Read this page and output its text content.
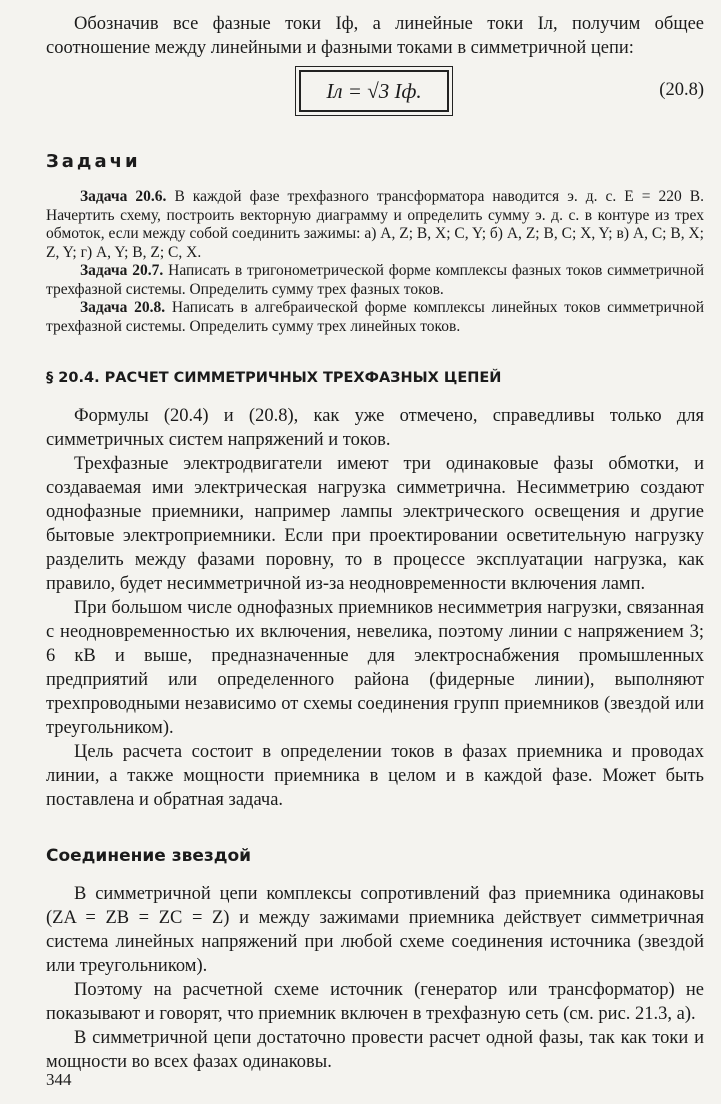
Обозначив все фазные токи Iф, а линейные токи Iл, получим общее соотношение между линейными и фазными токами в симметричной цепи:

Iл = √3 Iф.	(20.8)
Задачи

Задача 20.6. В каждой фазе трехфазного трансформатора наводится э. д. с. E = 220 В. Начертить схему, построить векторную диаграмму и определить сумму э. д. с. в контуре из трех обмоток, если между собой соединить зажимы: а) A, Z; B, X; C, Y; б) A, Z; B, C; X, Y; в) A, C; B, X; Z, Y; г) A, Y; B, Z; C, X.

Задача 20.7. Написать в тригонометрической форме комплексы фазных токов симметричной трехфазной системы. Определить сумму трех фазных токов.

Задача 20.8. Написать в алгебраической форме комплексы линейных токов симметричной трехфазной системы. Определить сумму трех линейных токов.

§ 20.4. РАСЧЕТ СИММЕТРИЧНЫХ ТРЕХФАЗНЫХ ЦЕПЕЙ

Формулы (20.4) и (20.8), как уже отмечено, справедливы только для симметричных систем напряжений и токов.

Трехфазные электродвигатели имеют три одинаковые фазы обмотки, и создаваемая ими электрическая нагрузка симметрична. Несимметрию создают однофазные приемники, например лампы электрического освещения и другие бытовые электроприемники. Если при проектировании осветительную нагрузку разделить между фазами поровну, то в процессе эксплуатации нагрузка, как правило, будет несимметричной из-за неодновременности включения ламп.

При большом числе однофазных приемников несимметрия нагрузки, связанная с неодновременностью их включения, невелика, поэтому линии с напряжением 3; 6 кВ и выше, предназначенные для электроснабжения промышленных предприятий или определенного района (фидерные линии), выполняют трехпроводными независимо от схемы соединения групп приемников (звездой или треугольником).

Цель расчета состоит в определении токов в фазах приемника и проводах линии, а также мощности приемника в целом и в каждой фазе. Может быть поставлена и обратная задача.

Соединение звездой

В симметричной цепи комплексы сопротивлений фаз приемника одинаковы (ZA = ZB = ZC = Z) и между зажимами приемника действует симметричная система линейных напряжений при любой схеме соединения источника (звездой или треугольником).

Поэтому на расчетной схеме источник (генератор или трансформатор) не показывают и говорят, что приемник включен в трехфазную сеть (см. рис. 21.3, а).

В симметричной цепи достаточно провести расчет одной фазы, так как токи и мощности во всех фазах одинаковы.

344
